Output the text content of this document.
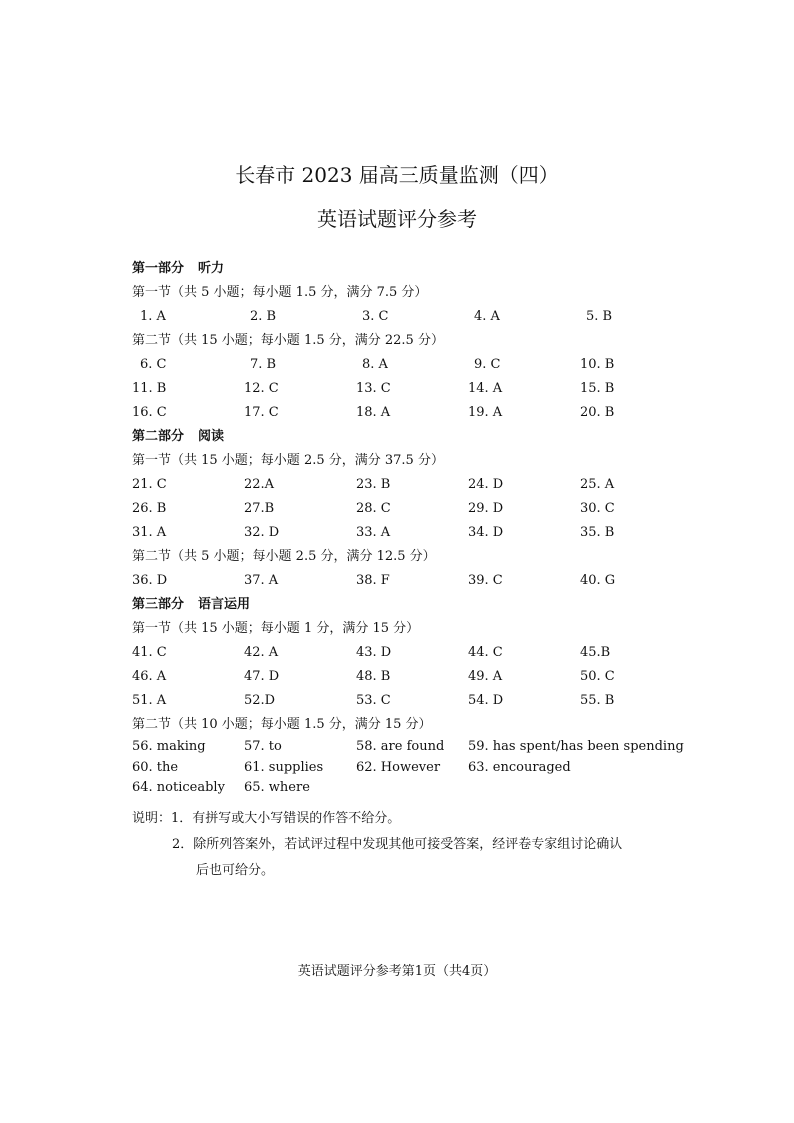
长春市 2023 届高三质量监测（四）
英语试题评分参考
第一部分 听力
第一节（共 5 小题；每小题 1.5 分，满分 7.5 分）
1. A	2. B	3. C	4. A	5. B
第二节（共 15 小题；每小题 1.5 分，满分 22.5 分）
6. C	7. B	8. A	9. C	10. B
11. B	12. C	13. C	14. A	15. B
16. C	17. C	18. A	19. A	20. B
第二部分 阅读
第一节（共 15 小题；每小题 2.5 分，满分 37.5 分）
21. C	22.A	23. B	24. D	25. A
26. B	27.B	28. C	29. D	30. C
31. A	32. D	33. A	34. D	35. B
第二节（共 5 小题；每小题 2.5 分，满分 12.5 分）
36. D	37. A	38. F	39. C	40. G
第三部分 语言运用
第一节（共 15 小题；每小题 1 分，满分 15 分）
41. C	42. A	43. D	44. C	45.B
46. A	47. D	48. B	49. A	50. C
51. A	52.D	53. C	54. D	55. B
第二节（共 10 小题；每小题 1.5 分，满分 15 分）
56. making	57. to	58. are found 59. has spent/has been spending
60. the	61. supplies	62. However 63. encouraged
64. noticeably 65. where
说明：1．有拼写或大小写错误的作答不给分。
2．除所列答案外，若试评过程中发现其他可接受答案，经评卷专家组讨论确认
后也可给分。
英语试题评分参考第1页（共4页）
